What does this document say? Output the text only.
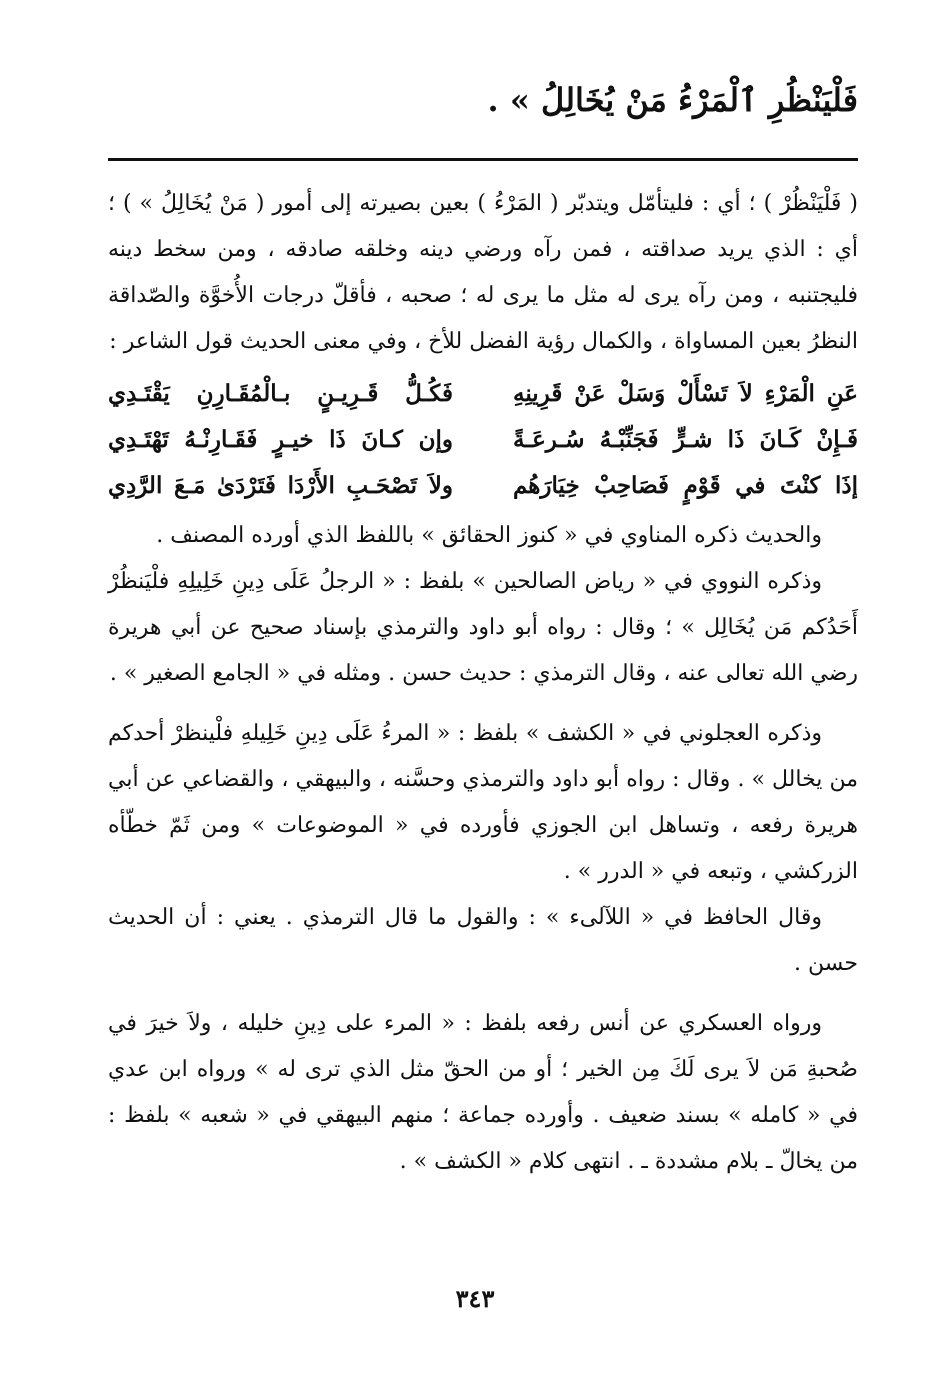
فَلْيَنْظُرِ ٱلْمَرْءُ مَنْ يُخَالِلُ » .

( فَلْيَنْظُرْ ) ؛ أي : فليتأمّل ويتدبّر ( المَرْءُ ) بعين بصيرته إلى أمور ( مَنْ يُخَالِلُ » ) ؛ أي : الذي يريد صداقته ، فمن رآه ورضي دينه وخلقه صادقه ، ومن سخط دينه فليجتنبه ، ومن رآه يرى له مثل ما يرى له ؛ صحبه ، فأقلّ درجات الأُخوَّة والصّداقة النظرُ بعين المساواة ، والكمال رؤية الفضل للأخ ، وفي معنى الحديث قول الشاعر :

عَنِ الْمَرْءِ لاَ تَسْأَلْ وَسَلْ عَنْ قَرِينِهِ
فَكُـلُّ قَـرِيـنٍ بـالْمُقَـارِنِ يَقْتَـدِي
فَـإِنْ كَـانَ ذَا شـرٍّ فَجَنِّبْـهُ سُـرعَـةً
وإن كـانَ ذَا خيـرٍ فَقَـارِنْـهُ تَهْتَـدِي
إذَا كنْتَ في قَوْمٍ فَصَاحِبْ خِيَارَهُم
ولاَ تَصْحَـبِ الأَرْدَا فَتَرْدَىٰ مَـعَ الرَّدِي

والحديث ذكره المناوي في « كنوز الحقائق » باللفظ الذي أورده المصنف .

وذكره النووي في « رياض الصالحين » بلفظ : « الرجلُ عَلَى دِينِ خَلِيلِهِ فلْيَنظُرْ أَحَدُكم مَن يُخَالِل » ؛ وقال : رواه أبو داود والترمذي بإسناد صحيح عن أبي هريرة رضي الله تعالى عنه ، وقال الترمذي : حديث حسن . ومثله في « الجامع الصغير » .

وذكره العجلوني في « الكشف » بلفظ : « المرءُ عَلَى دِينِ خَلِيلهِ فلْينظرْ أحدكم من يخالل » . وقال : رواه أبو داود والترمذي وحسَّنه ، والبيهقي ، والقضاعي عن أبي هريرة رفعه ، وتساهل ابن الجوزي فأورده في « الموضوعات » ومن ثَمّ خطّأه الزركشي ، وتبعه في « الدرر » .

وقال الحافظ في « اللآلىء » : والقول ما قال الترمذي . يعني : أن الحديث حسن .

ورواه العسكري عن أنس رفعه بلفظ : « المرء على دِينِ خليله ، ولاَ خيرَ في صُحبةِ مَن لاَ يرى لَكَ مِن الخير ؛ أو من الحقّ مثل الذي ترى له » ورواه ابن عدي في « كامله » بسند ضعيف . وأورده جماعة ؛ منهم البيهقي في « شعبه » بلفظ : من يخالّ ـ بلام مشددة ـ . انتهى كلام « الكشف » .

٣٤٣
